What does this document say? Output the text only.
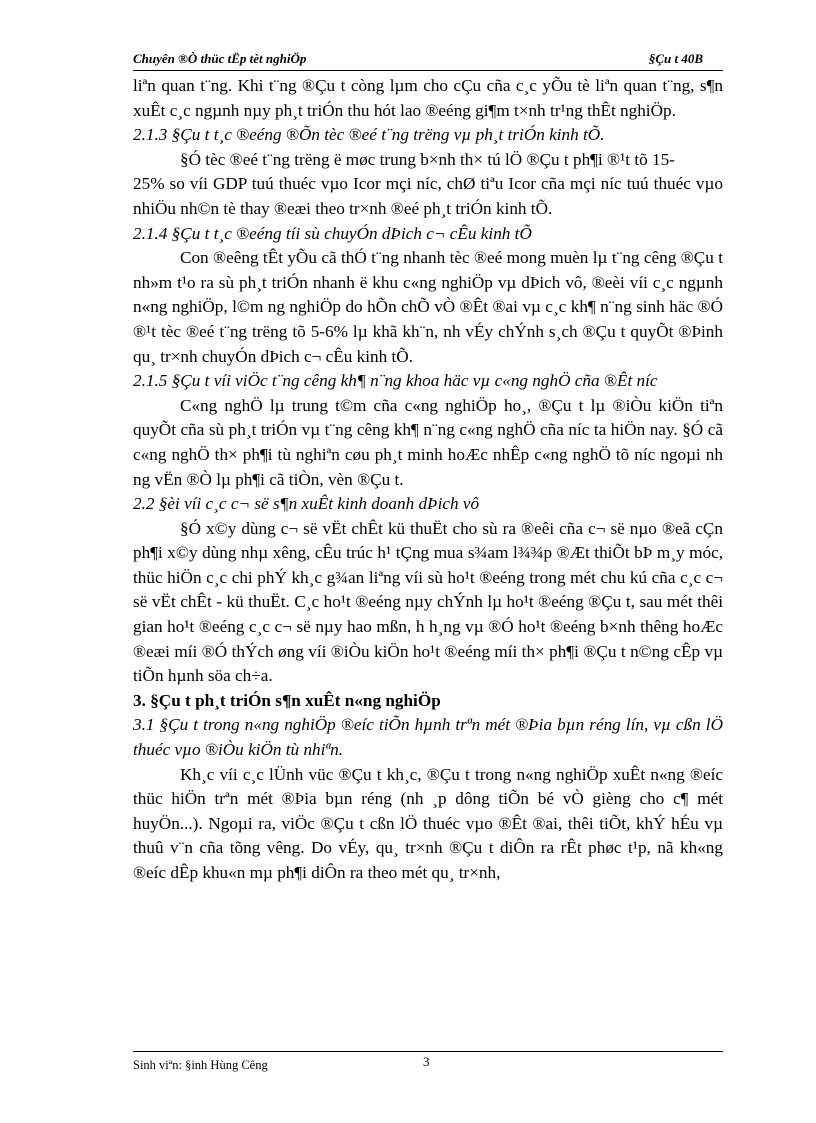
Chuyên ®Ò thüc tËp tèt nghiÖp	§Çu t 40B

liªn quan t¨ng. Khi t¨ng ®Çu t còng lµm cho cÇu cña c¸c yÕu tè liªn quan t¨ng, s¶n xuÊt c¸c ngµnh nµy ph¸t triÓn thu hót lao ®eéng gi¶m t×nh tr¹ng thÊt nghiÖp.

2.1.3 §Çu t t¸c ®eéng ®Õn tèc ®eé t¨ng trëng vµ ph¸t triÓn kinh tÕ.

§Ó tèc ®eé t¨ng trëng ë møc trung b×nh th× tú lÖ ®Çu t ph¶i ®¹t tõ 15-

25% so víi GDP tuú thuéc vµo Icor mçi níc, chØ tiªu Icor cña mçi níc tuú thuéc vµo nhiÖu nh©n tè thay ®eæi theo tr×nh ®eé ph¸t triÓn kinh tÕ.

2.1.4 §Çu t t¸c ®eéng tíi sù chuyÓn dÞich c¬ cÊu kinh tÕ

Con ®eêng tÊt yÕu cã thÓ t¨ng nhanh tèc ®eé mong muèn lµ t¨ng cêng ®Çu t nh»m t¹o ra sù ph¸t triÓn nhanh ë khu c«ng nghiÖp vµ dÞich vô, ®eèi víi c¸c ngµnh n«ng nghiÖp, l©m ng nghiÖp do hÕn chÕ vÒ ®Êt ®ai vµ c¸c kh¶ n¨ng sinh häc ®Ó ®¹t tèc ®eé t¨ng trëng tõ 5-6% lµ khã kh¨n, nh vÉy chÝnh s¸ch ®Çu t quyÕt ®Þinh qu¸ tr×nh chuyÓn dÞich c¬ cÊu kinh tÕ.

2.1.5 §Çu t víi viÖc t¨ng cêng kh¶ n¨ng khoa häc vµ c«ng nghÖ cña ®Êt níc

C«ng nghÖ lµ trung t©m cña c«ng nghiÖp ho¸, ®Çu t lµ ®iÒu kiÖn tiªn quyÕt cña sù ph¸t triÓn vµ t¨ng cêng kh¶ n¨ng c«ng nghÖ cña níc ta hiÖn nay. §Ó cã c«ng nghÖ th× ph¶i tù nghiªn cøu ph¸t minh hoÆc nhÊp c«ng nghÖ tõ níc ngoµi nh ng vËn ®Ò lµ ph¶i cã tiÒn, vèn ®Çu t.

2.2 §èi víi c¸c c¬ së s¶n xuÊt kinh doanh dÞich vô

§Ó x©y dùng c¬ së vËt chÊt kü thuËt cho sù ra ®eêi cña c¬ së nµo ®eã cÇn ph¶i x©y dùng nhµ xêng, cÊu trúc h¹ tÇng mua s¾am l¾¾p ®Æt thiÕt bÞ m¸y móc, thüc hiÖn c¸c chi phÝ kh¸c g¾an liªng víi sù ho¹t ®eéng trong mét chu kú cña c¸c c¬ së vËt chÊt - kü thuËt. C¸c ho¹t ®eéng nµy chÝnh lµ ho¹t ®eéng ®Çu t, sau mét thêi gian ho¹t ®eéng c¸c c¬ së nµy hao mßn, h h¸ng vµ ®Ó ho¹t ®eéng b×nh thêng hoÆc ®eæi míi ®Ó thÝch øng víi ®iÒu kiÖn ho¹t ®eéng míi th× ph¶i ®Çu t n©ng cÊp vµ tiÕn hµnh söa ch÷a.

3. §Çu t ph¸t triÓn s¶n xuÊt n«ng nghiÖp

3.1 §Çu t trong n«ng nghiÖp ®eíc tiÕn hµnh trªn mét ®Þia bµn réng lín, vµ cßn lÖ thuéc vµo ®iÒu kiÖn tù nhiªn.

Kh¸c víi c¸c lÜnh vüc ®Çu t kh¸c, ®Çu t trong n«ng nghiÖp xuÊt n«ng ®eíc thüc hiÖn trªn mét ®Þia bµn réng (nh ¸p dông tiÕn bé vÒ gièng cho c¶ mét huyÖn...). Ngoµi ra, viÖc ®Çu t cßn lÖ thuéc vµo ®Êt ®ai, thêi tiÕt, khÝ hÉu vµ thuû v¨n cña tõng vêng. Do vÉy, qu¸ tr×nh ®Çu t diÔn ra rÊt phøc t¹p, nã kh«ng ®eíc dÊp khu«n mµ ph¶i diÔn ra theo mét qu¸ tr×nh,

Sinh viªn: §inh Hùng Cêng	3
